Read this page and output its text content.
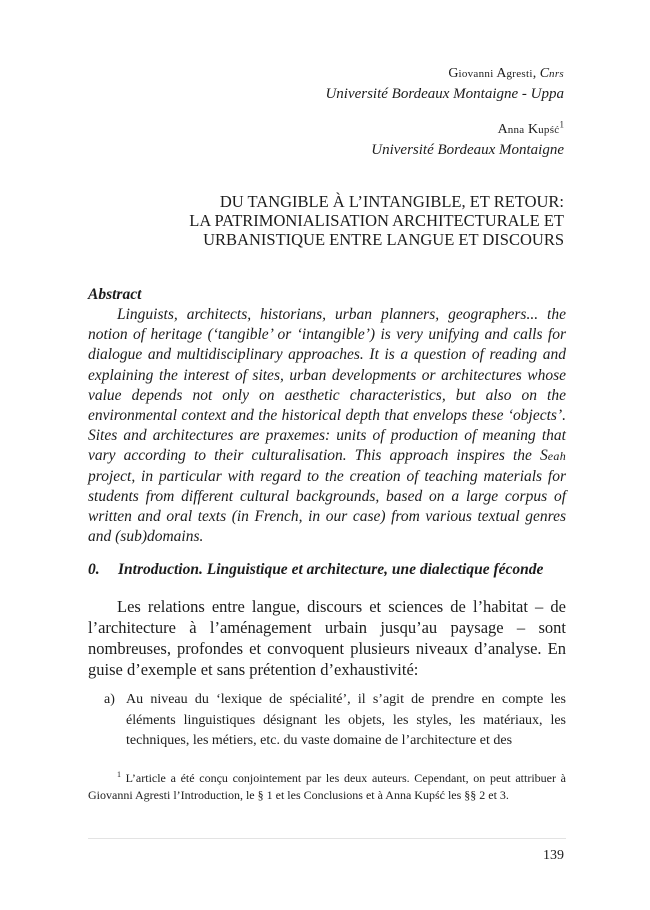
Giovanni Agresti, Cnrs
Université Bordeaux Montaigne - Uppa
Anna Kupść$^1$
Université Bordeaux Montaigne
DU TANGIBLE À L’INTANGIBLE, ET RETOUR:
LA PATRIMONIALISATION ARCHITECTURALE ET
URBANISTIQUE ENTRE LANGUE ET DISCOURS
Abstract
Linguists, architects, historians, urban planners, geographers... the notion of heritage (‘tangible’ or ‘intangible’) is very unifying and calls for dialogue and multidisciplinary approaches. It is a question of reading and explaining the interest of sites, urban developments or architectures whose value depends not only on aesthetic characteristics, but also on the environmental context and the historical depth that envelops these ‘objects’. Sites and architectures are praxemes: units of production of meaning that vary according to their culturalisation. This approach inspires the Seah project, in particular with regard to the creation of teaching materials for students from different cultural backgrounds, based on a large corpus of written and oral texts (in French, in our case) from various textual genres and (sub)domains.
0. Introduction. Linguistique et architecture, une dialectique féconde
Les relations entre langue, discours et sciences de l’habitat – de l’architecture à l’aménagement urbain jusqu’au paysage – sont nombreuses, profondes et convoquent plusieurs niveaux d’analyse. En guise d’exemple et sans prétention d’exhaustivité:
a) Au niveau du ‘lexique de spécialité’, il s’agit de prendre en compte les éléments linguistiques désignant les objets, les styles, les matériaux, les techniques, les métiers, etc. du vaste domaine de l’architecture et des
$^1$ L’article a été conçu conjointement par les deux auteurs. Cependant, on peut attribuer à Giovanni Agresti l’Introduction, le § 1 et les Conclusions et à Anna Kupść les §§ 2 et 3.
139
